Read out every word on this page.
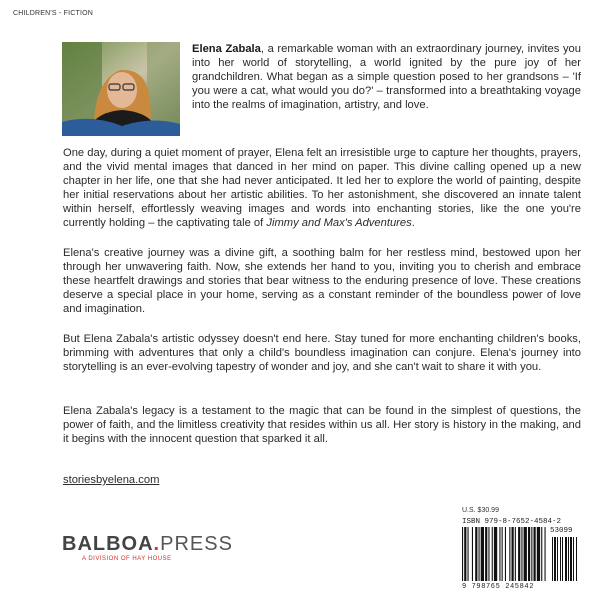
CHILDREN'S - FICTION
Elena Zabala, a remarkable woman with an extraordinary journey, invites you into her world of storytelling, a world ignited by the pure joy of her grandchildren. What began as a simple question posed to her grandsons – 'If you were a cat, what would you do?' – transformed into a breathtaking voyage into the realms of imagination, artistry, and love.

One day, during a quiet moment of prayer, Elena felt an irresistible urge to capture her thoughts, prayers, and the vivid mental images that danced in her mind on paper. This divine calling opened up a new chapter in her life, one that she had never anticipated. It led her to explore the world of painting, despite her initial reservations about her artistic abilities. To her astonishment, she discovered an innate talent within herself, effortlessly weaving images and words into enchanting stories, like the one you're currently holding – the captivating tale of Jimmy and Max's Adventures.

Elena's creative journey was a divine gift, a soothing balm for her restless mind, bestowed upon her through her unwavering faith. Now, she extends her hand to you, inviting you to cherish and embrace these heartfelt drawings and stories that bear witness to the enduring presence of love. These creations deserve a special place in your home, serving as a constant reminder of the boundless power of love and imagination.

But Elena Zabala's artistic odyssey doesn't end here. Stay tuned for more enchanting children's books, brimming with adventures that only a child's boundless imagination can conjure. Elena's journey into storytelling is an ever-evolving tapestry of wonder and joy, and she can't wait to share it with you.

Elena Zabala's legacy is a testament to the magic that can be found in the simplest of questions, the power of faith, and the limitless creativity that resides within us all. Her story is history in the making, and it begins with the innocent question that sparked it all.

storiesbyelena.com
BALBOA.PRESS
A DIVISION OF HAY HOUSE
U.S. $30.99
ISBN 979-8-7652-4584-2
53099
9 798765 245842
